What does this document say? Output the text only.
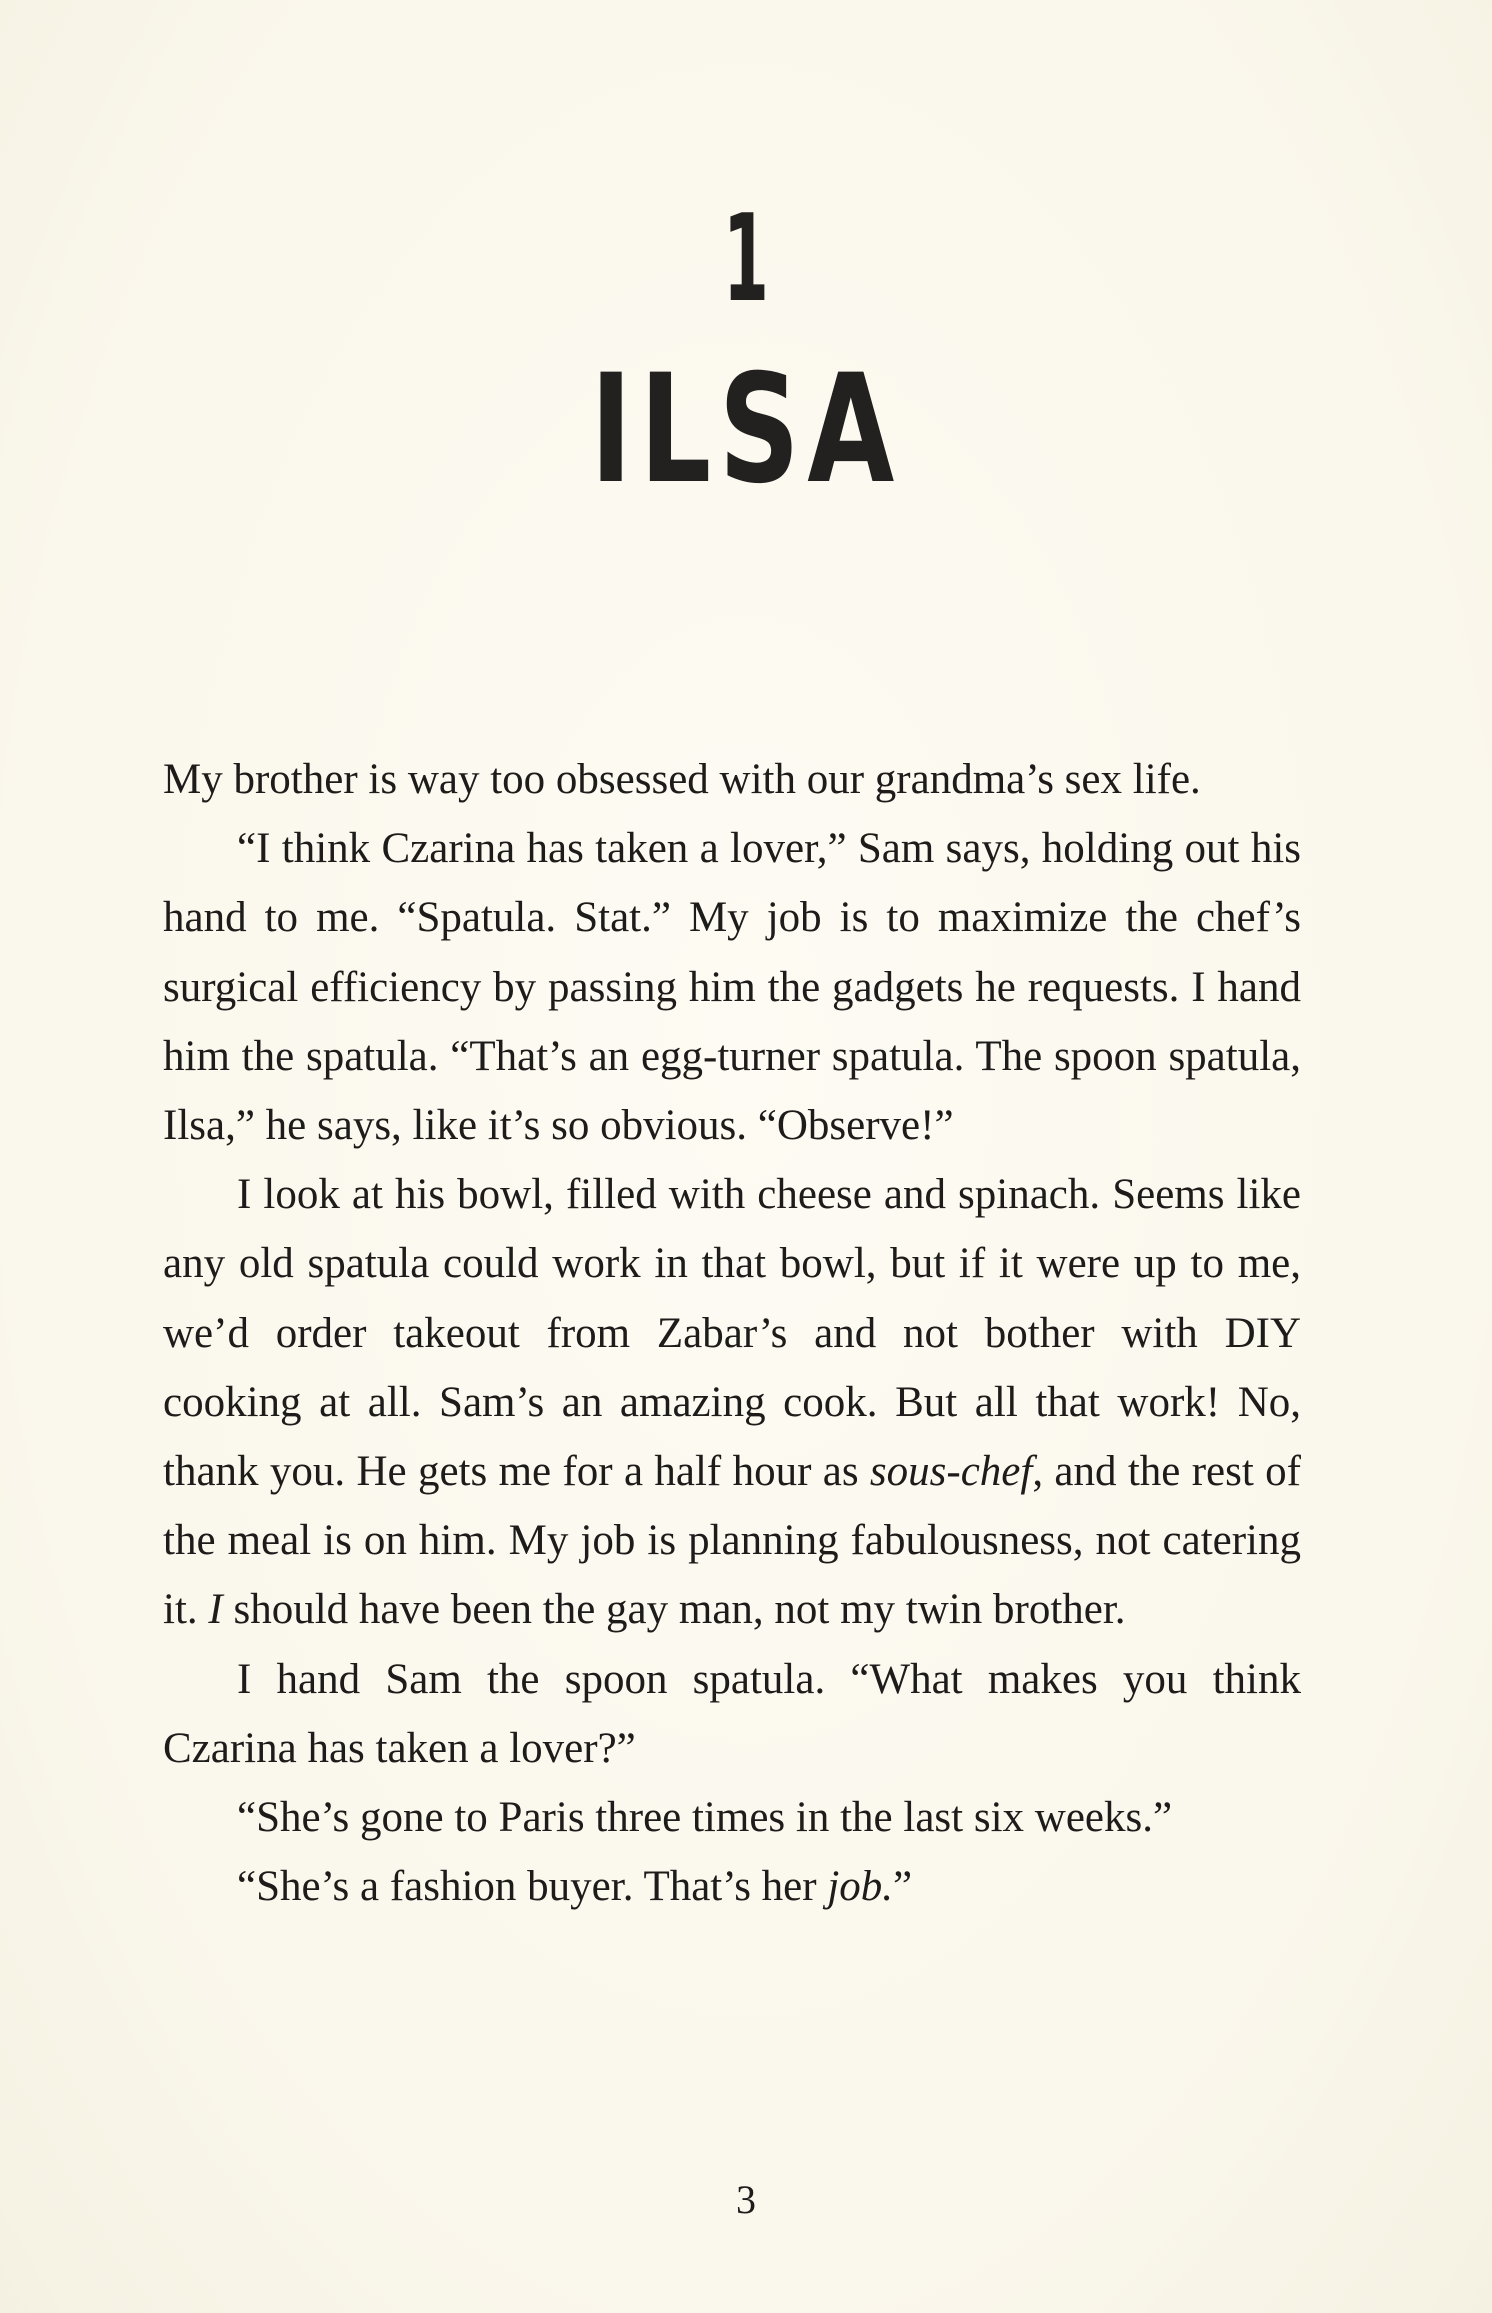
1
ILSA

My brother is way too obsessed with our grandma’s sex life.

“I think Czarina has taken a lover,” Sam says, holding out his hand to me. “Spatula. Stat.” My job is to maximize the chef’s surgical efficiency by passing him the gadgets he requests. I hand him the spatula. “That’s an egg-turner spatula. The spoon spatula, Ilsa,” he says, like it’s so obvious. “Observe!”

I look at his bowl, filled with cheese and spinach. Seems like any old spatula could work in that bowl, but if it were up to me, we’d order takeout from Zabar’s and not bother with DIY cooking at all. Sam’s an amazing cook. But all that work! No, thank you. He gets me for a half hour as sous-chef, and the rest of the meal is on him. My job is planning fabulousness, not catering it. I should have been the gay man, not my twin brother.

I hand Sam the spoon spatula. “What makes you think Czarina has taken a lover?”

“She’s gone to Paris three times in the last six weeks.”

“She’s a fashion buyer. That’s her job.”

3
